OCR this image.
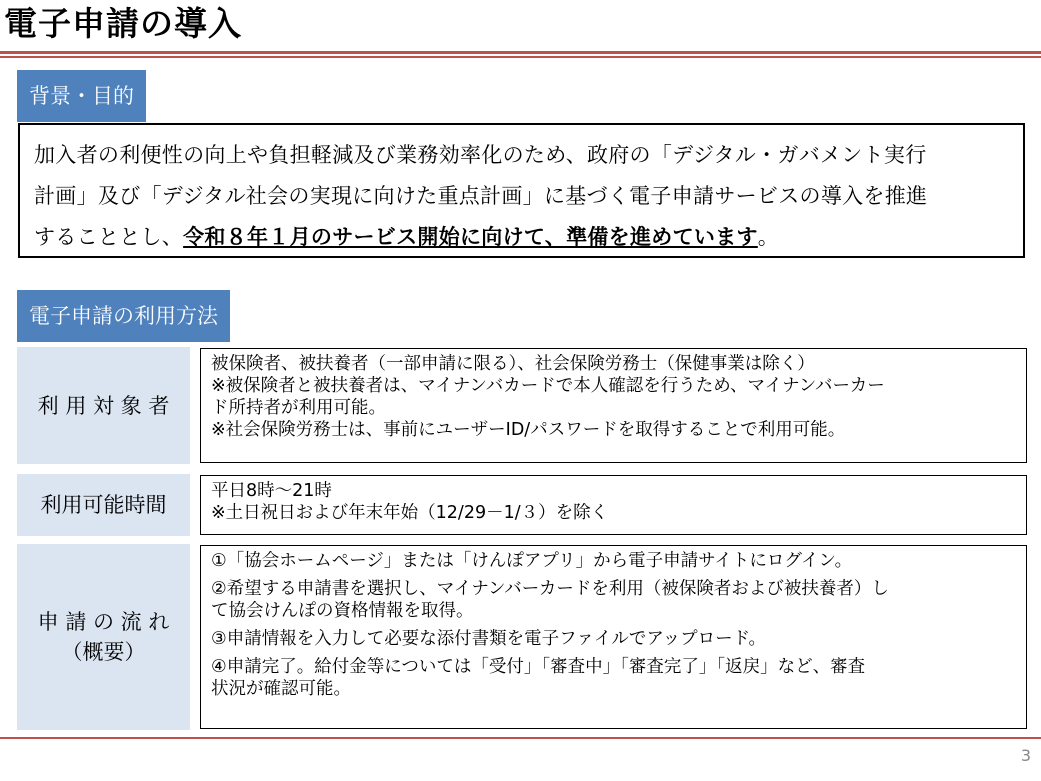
電子申請の導入
背景・目的
加入者の利便性の向上や負担軽減及び業務効率化のため、政府の「デジタル・ガバメント実行
計画」及び「デジタル社会の実現に向けた重点計画」に基づく電子申請サービスの導入を推進
することとし、令和８年１月のサービス開始に向けて、準備を進めています。
電子申請の利用方法
利 用 対 象 者
被保険者、被扶養者（一部申請に限る）、社会保険労務士（保健事業は除く）
※被保険者と被扶養者は、マイナンバカードで本人確認を行うため、マイナンバーカー
ド所持者が利用可能。
※社会保険労務士は、事前にユーザーID/パスワードを取得することで利用可能。
利用可能時間
平日8時～21時
※土日祝日および年末年始（12/29－1/３）を除く
申 請 の 流 れ
（概要）
①「協会ホームページ」または「けんぽアプリ」から電子申請サイトにログイン。
②希望する申請書を選択し、マイナンバーカードを利用（被保険者および被扶養者）し
て協会けんぽの資格情報を取得。
③申請情報を入力して必要な添付書類を電子ファイルでアップロード。
④申請完了。給付金等については「受付」「審査中」「審査完了」「返戻」など、審査
状況が確認可能。
3
